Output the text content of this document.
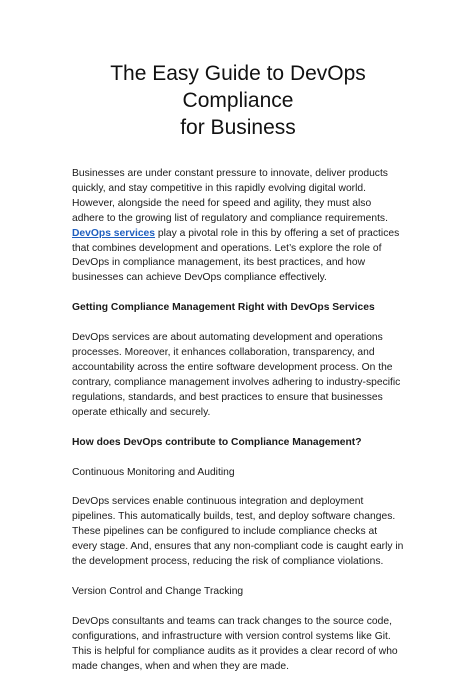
The Easy Guide to DevOps Compliance
for Business

Businesses are under constant pressure to innovate, deliver products quickly, and stay competitive in this rapidly evolving digital world. However, alongside the need for speed and agility, they must also adhere to the growing list of regulatory and compliance requirements.
DevOps services play a pivotal role in this by offering a set of practices that combines development and operations. Let’s explore the role of DevOps in compliance management, its best practices, and how businesses can achieve DevOps compliance effectively.

Getting Compliance Management Right with DevOps Services

DevOps services are about automating development and operations processes. Moreover, it enhances collaboration, transparency, and accountability across the entire software development process. On the contrary, compliance management involves adhering to industry-specific regulations, standards, and best practices to ensure that businesses operate ethically and securely.

How does DevOps contribute to Compliance Management?

Continuous Monitoring and Auditing

DevOps services enable continuous integration and deployment pipelines. This automatically builds, test, and deploy software changes. These pipelines can be configured to include compliance checks at every stage. And, ensures that any non-compliant code is caught early in the development process, reducing the risk of compliance violations.

Version Control and Change Tracking

DevOps consultants and teams can track changes to the source code, configurations, and infrastructure with version control systems like Git. This is helpful for compliance audits as it provides a clear record of who made changes, when and when they are made.
